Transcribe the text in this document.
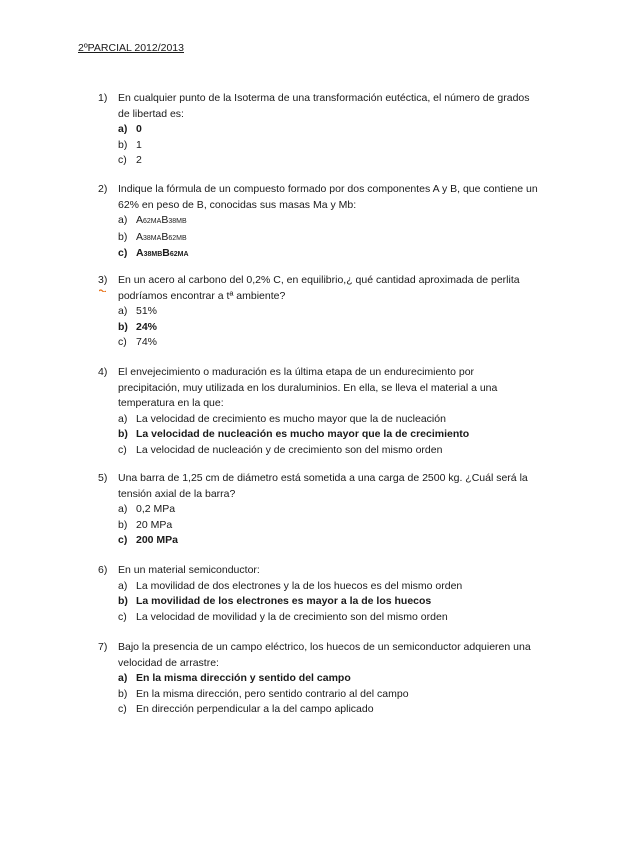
2ºPARCIAL 2012/2013
1)	En cualquier punto de la Isoterma de una transformación eutéctica, el número de grados de libertad es:
a) 0
b) 1
c) 2
2)	Indique la fórmula de un compuesto formado por dos componentes A y B, que contiene un 62% en peso de B, conocidas sus masas Ma y Mb:
a) A62MAB38MB
b) A38MAB62MB
c) A38MBB62MA
3)	En un acero al carbono del 0,2% C, en equilibrio,¿ qué cantidad aproximada de perlita podríamos encontrar a tª ambiente?
a) 51%
b) 24%
c) 74%
4)	El envejecimiento o maduración es la última etapa de un endurecimiento por precipitación, muy utilizada en los duraluminios. En ella, se lleva el material a una temperatura en la que:
a) La velocidad de crecimiento es mucho mayor que la de nucleación
b) La velocidad de nucleación es mucho mayor que la de crecimiento
c) La velocidad de nucleación y de crecimiento son del mismo orden
5)	Una barra de 1,25 cm de diámetro está sometida a una carga de 2500 kg. ¿Cuál será la tensión axial de la barra?
a) 0,2 MPa
b) 20 MPa
c) 200 MPa
6)	En un material semiconductor:
a) La movilidad de dos electrones y la de los huecos es del mismo orden
b) La movilidad de los electrones es mayor a la de los huecos
c) La velocidad de movilidad y la de crecimiento son del mismo orden
7)	Bajo la presencia de un campo eléctrico, los huecos de un semiconductor adquieren una velocidad de arrastre:
a) En la misma dirección y sentido del campo
b) En la misma dirección, pero sentido contrario al del campo
c) En dirección perpendicular a la del campo aplicado
